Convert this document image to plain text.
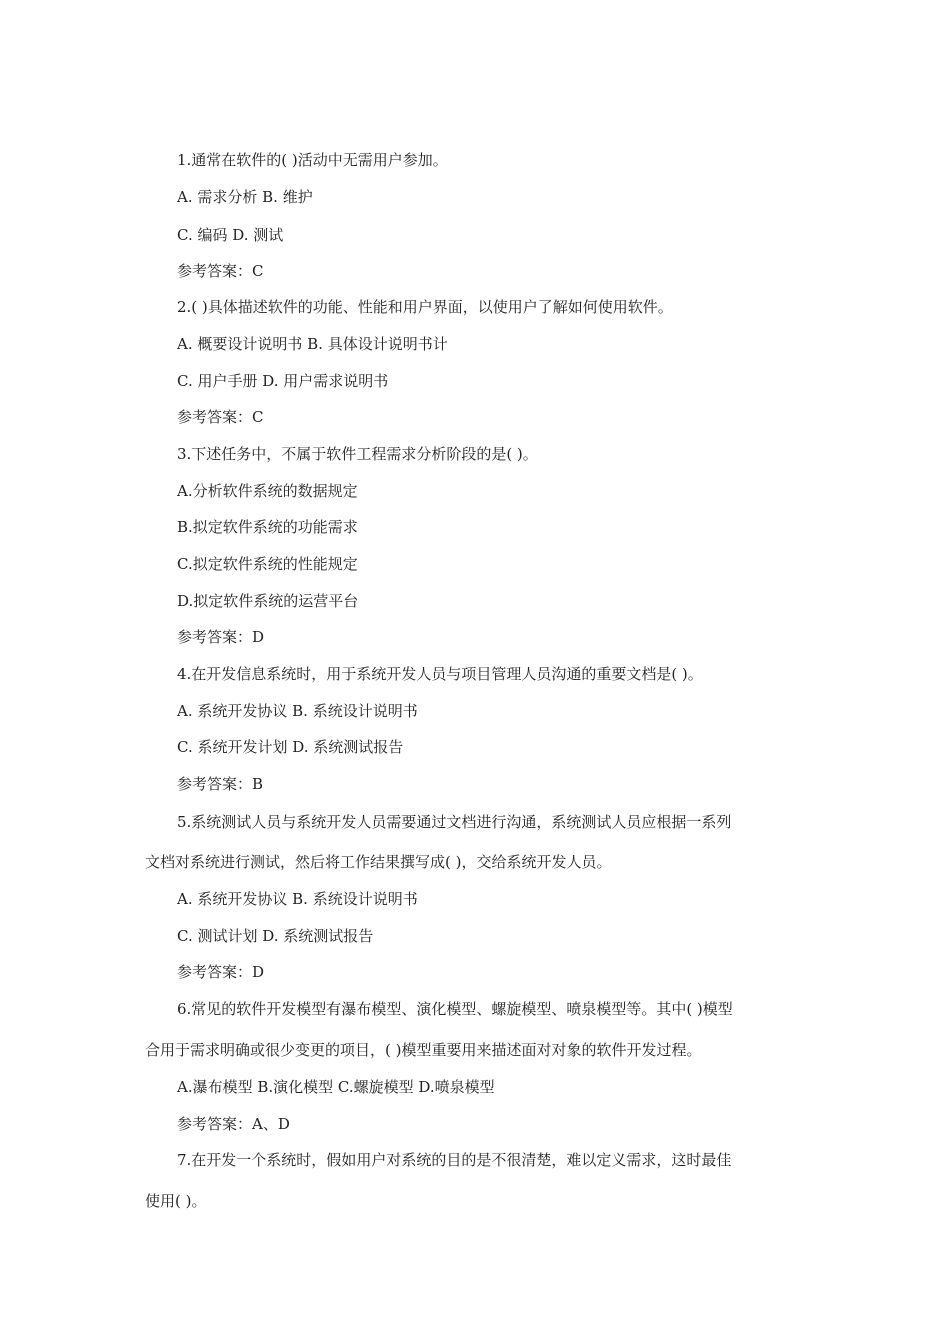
1.通常在软件的( )活动中无需用户参加。
A. 需求分析 B. 维护
C. 编码 D. 测试
参考答案：C
2.( )具体描述软件的功能、性能和用户界面，以使用户了解如何使用软件。
A. 概要设计说明书 B. 具体设计说明书计
C. 用户手册 D. 用户需求说明书
参考答案：C
3.下述任务中，不属于软件工程需求分析阶段的是( )。
A.分析软件系统的数据规定
B.拟定软件系统的功能需求
C.拟定软件系统的性能规定
D.拟定软件系统的运营平台
参考答案：D
4.在开发信息系统时，用于系统开发人员与项目管理人员沟通的重要文档是( )。
A. 系统开发协议 B. 系统设计说明书
C. 系统开发计划 D. 系统测试报告
参考答案：B
5.系统测试人员与系统开发人员需要通过文档进行沟通，系统测试人员应根据一系列
文档对系统进行测试，然后将工作结果撰写成( )，交给系统开发人员。
A. 系统开发协议 B. 系统设计说明书
C. 测试计划 D. 系统测试报告
参考答案：D
6.常见的软件开发模型有瀑布模型、演化模型、螺旋模型、喷泉模型等。其中( )模型
合用于需求明确或很少变更的项目，( )模型重要用来描述面对对象的软件开发过程。
A.瀑布模型 B.演化模型 C.螺旋模型 D.喷泉模型
参考答案：A、D
7.在开发一个系统时，假如用户对系统的目的是不很清楚，难以定义需求，这时最佳
使用( )。
